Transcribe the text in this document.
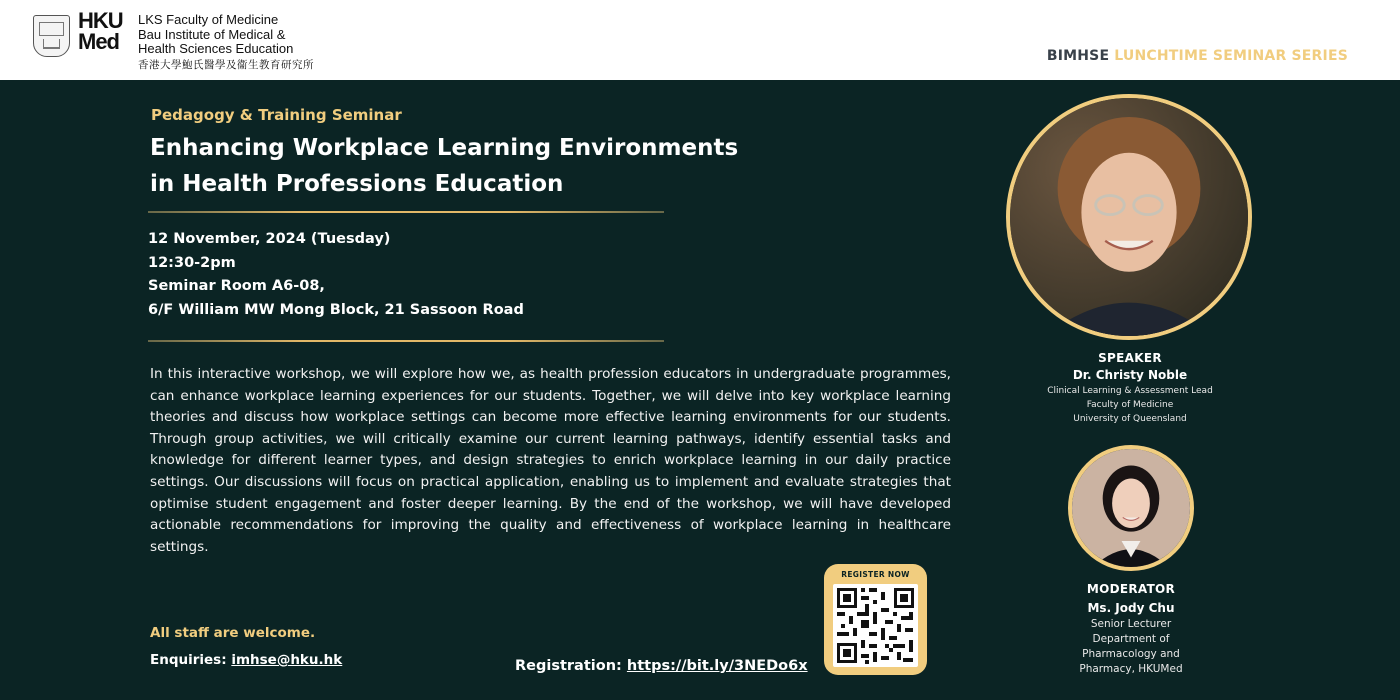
HKU
Med
LKS Faculty of Medicine
Bau Institute of Medical &
Health Sciences Education
香港大學鮑氏醫學及衞生教育研究所
BIMHSE LUNCHTIME SEMINAR SERIES
Pedagogy & Training Seminar
Enhancing Workplace Learning Environments
in Health Professions Education
12 November, 2024 (Tuesday)
12:30-2pm
Seminar Room A6-08,
6/F William MW Mong Block, 21 Sassoon Road

In this interactive workshop, we will explore how we, as health profession educators in undergraduate programmes, can enhance workplace learning experiences for our students. Together, we will delve into key workplace learning theories and discuss how workplace settings can become more effective learning environments for our students. Through group activities, we will critically examine our current learning pathways, identify essential tasks and knowledge for different learner types, and design strategies to enrich workplace learning in our daily practice settings. Our discussions will focus on practical application, enabling us to implement and evaluate strategies that optimise student engagement and foster deeper learning. By the end of the workshop, we will have developed actionable recommendations for improving the quality and effectiveness of workplace learning in healthcare settings.

All staff are welcome.
Enquiries: imhse@hku.hk	Registration: https://bit.ly/3NEDo6x
REGISTER NOW
SPEAKER
Dr. Christy Noble
Clinical Learning & Assessment Lead
Faculty of Medicine
University of Queensland
MODERATOR
Ms. Jody Chu
Senior Lecturer
Department of
Pharmacology and
Pharmacy, HKUMed
